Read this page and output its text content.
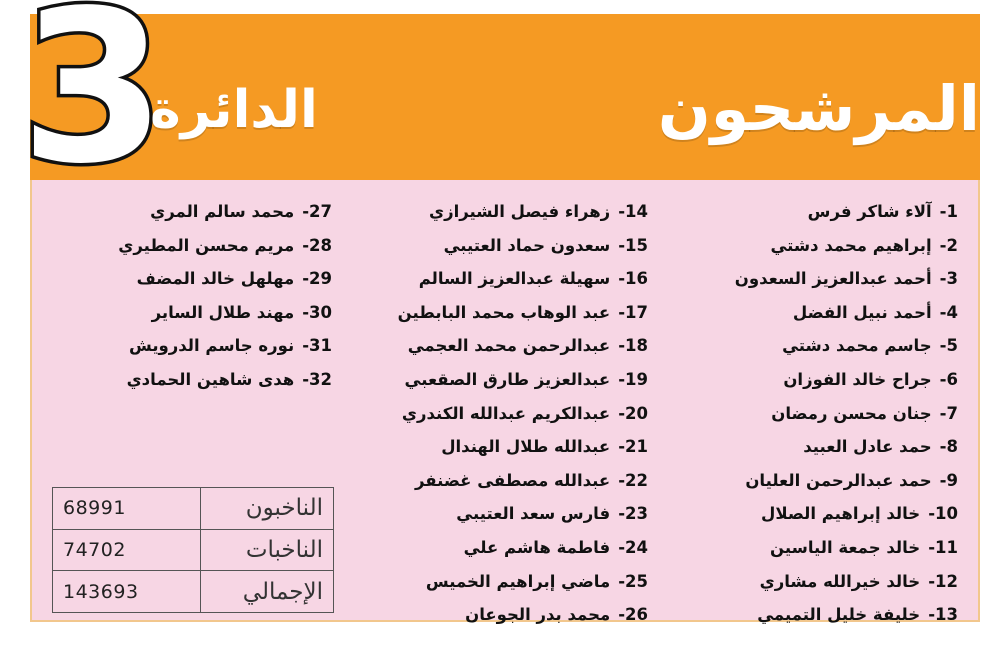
3
الدائرة	المرشحون
-1آلاء شاكر فرس
-2إبراهيم محمد دشتي
-3أحمد عبدالعزيز السعدون
-4أحمد نبيل الفضل
-5جاسم محمد دشتي
-6جراح خالد الفوزان
-7جنان محسن رمضان
-8حمد عادل العبيد
-9حمد عبدالرحمن العليان
-10خالد إبراهيم الصلال
-11خالد جمعة الياسين
-12خالد خيرالله مشاري
-13خليفة خليل التميمي
-14زهراء فيصل الشيرازي
-15سعدون حماد العتيبي
-16سهيلة عبدالعزيز السالم
-17عبد الوهاب محمد البابطين
-18عبدالرحمن محمد العجمي
-19عبدالعزيز طارق الصقعبي
-20عبدالكريم عبدالله الكندري
-21عبدالله طلال الهندال
-22عبدالله مصطفى غضنفر
-23فارس سعد العتيبي
-24فاطمة هاشم علي
-25ماضي إبراهيم الخميس
-26محمد بدر الجوعان
-27محمد سالم المري
-28مريم محسن المطيري
-29مهلهل خالد المضف
-30مهند طلال الساير
-31نوره جاسم الدرويش
-32هدى شاهين الحمادي
68991	الناخبون
74702	الناخبات
143693	الإجمالي
